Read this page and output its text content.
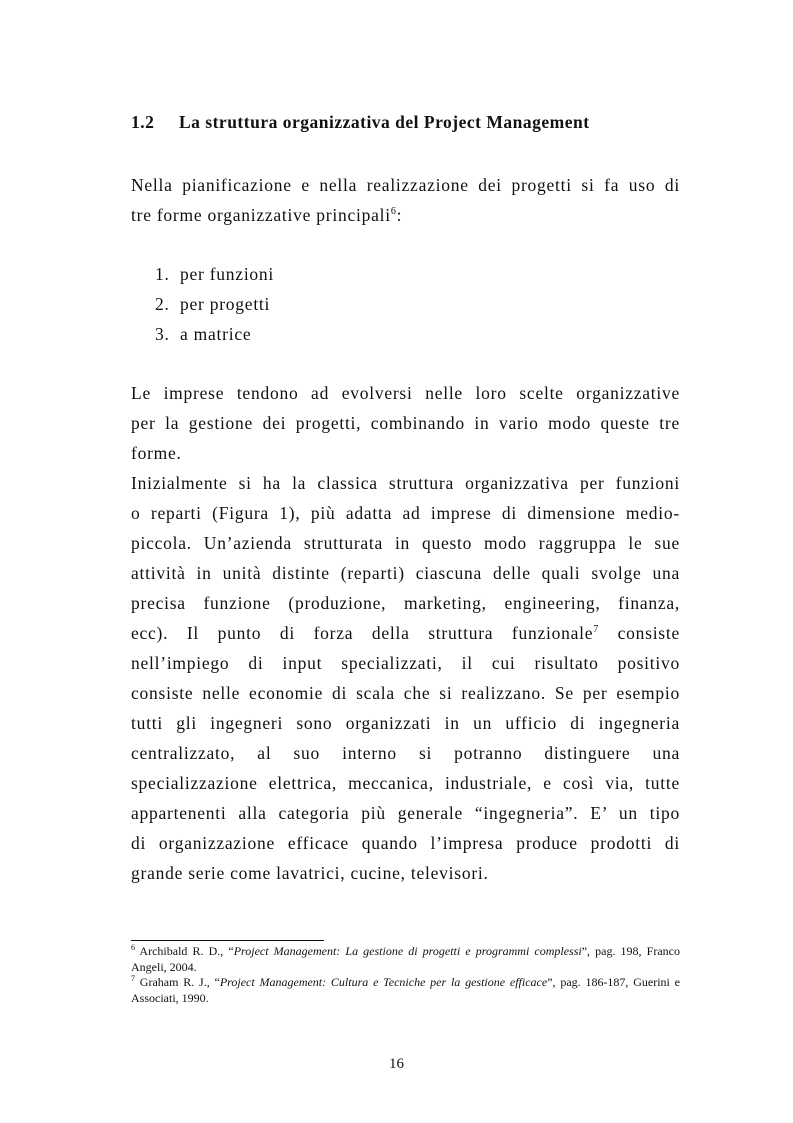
1.2 La struttura organizzativa del Project Management
Nella pianificazione e nella realizzazione dei progetti si fa uso di
tre forme organizzative principali$^6$:
1. per funzioni
2. per progetti
3. a matrice
Le imprese tendono ad evolversi nelle loro scelte organizzative
per la gestione dei progetti, combinando in vario modo queste tre
forme.
Inizialmente si ha la classica struttura organizzativa per funzioni
o reparti (Figura 1), più adatta ad imprese di dimensione medio-
piccola. Un’azienda strutturata in questo modo raggruppa le sue
attività in unità distinte (reparti) ciascuna delle quali svolge una
precisa funzione (produzione, marketing, engineering, finanza,
ecc). Il punto di forza della struttura funzionale$^7$ consiste
nell’impiego di input specializzati, il cui risultato positivo
consiste nelle economie di scala che si realizzano. Se per esempio
tutti gli ingegneri sono organizzati in un ufficio di ingegneria
centralizzato, al suo interno si potranno distinguere una
specializzazione elettrica, meccanica, industriale, e così via, tutte
appartenenti alla categoria più generale “ingegneria”. E’ un tipo
di organizzazione efficace quando l’impresa produce prodotti di
grande serie come lavatrici, cucine, televisori.

$^6$ Archibald R. D., “Project Management: La gestione di progetti e programmi complessi”, pag. 198, Franco Angeli, 2004.

$^7$ Graham R. J., “Project Management: Cultura e Tecniche per la gestione efficace”, pag. 186-187, Guerini e Associati, 1990.

16
